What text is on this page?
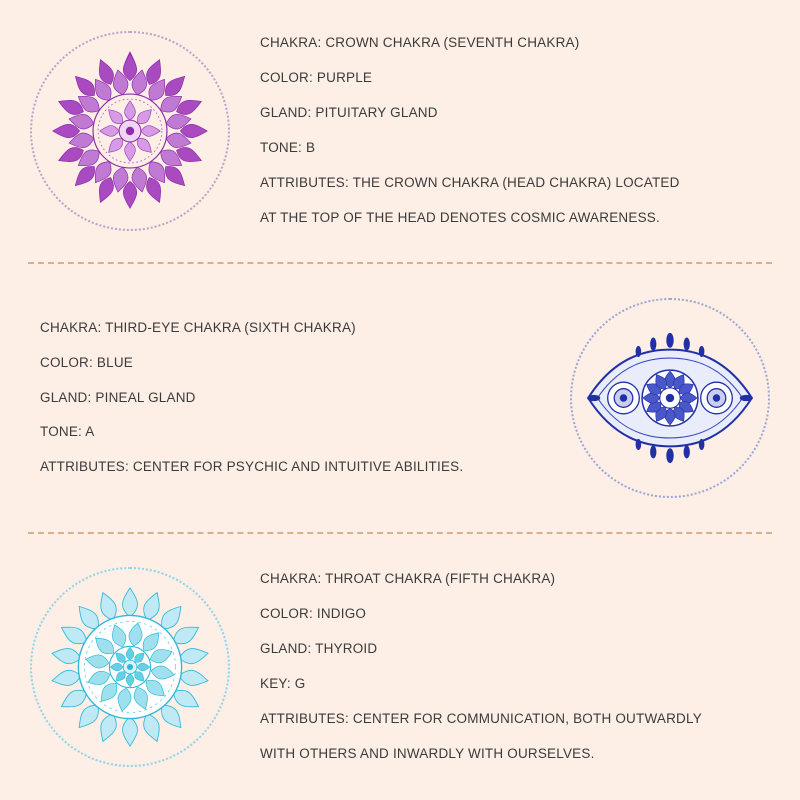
CHAKRA: CROWN CHAKRA (SEVENTH CHAKRA)
COLOR: PURPLE
GLAND: PITUITARY GLAND
TONE: B
ATTRIBUTES: THE CROWN CHAKRA (HEAD CHAKRA) LOCATED
AT THE TOP OF THE HEAD DENOTES COSMIC AWARENESS.
CHAKRA: THIRD-EYE CHAKRA (SIXTH CHAKRA)
COLOR: BLUE
GLAND: PINEAL GLAND
TONE: A
ATTRIBUTES: CENTER FOR PSYCHIC AND INTUITIVE ABILITIES.
CHAKRA: THROAT CHAKRA (FIFTH CHAKRA)
COLOR: INDIGO
GLAND: THYROID
KEY: G
ATTRIBUTES: CENTER FOR COMMUNICATION, BOTH OUTWARDLY
WITH OTHERS AND INWARDLY WITH OURSELVES.
